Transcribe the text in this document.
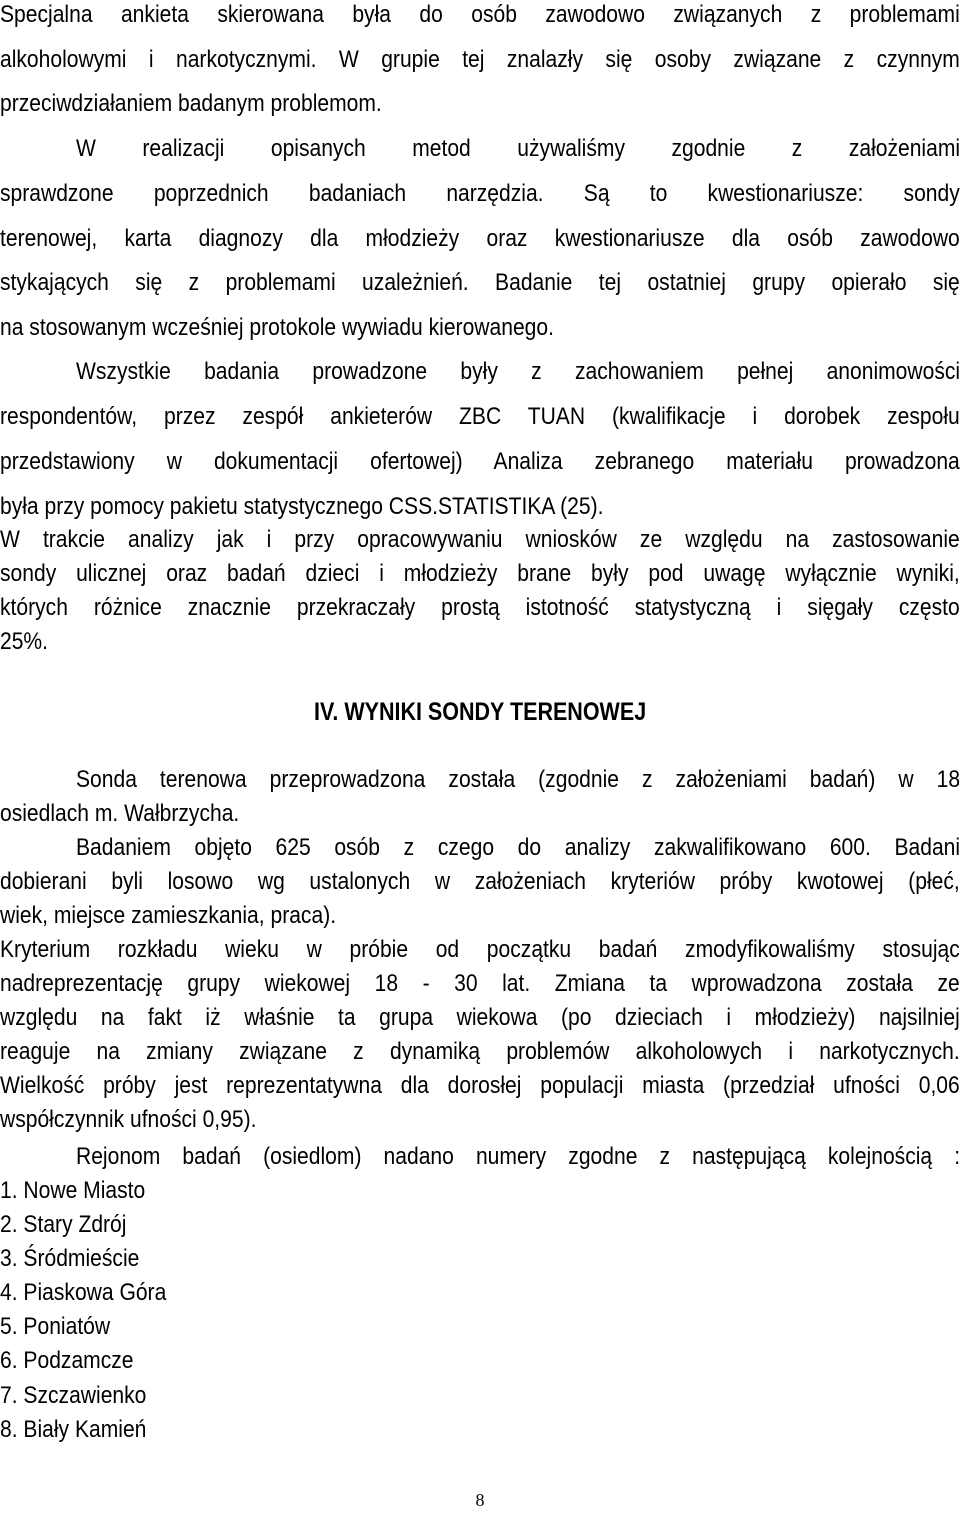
Specjalna ankieta skierowana była do osób zawodowo związanych z problemami

alkoholowymi i narkotycznymi. W grupie tej znalazły się osoby związane z czynnym

przeciwdziałaniem badanym problemom.

W realizacji opisanych metod używaliśmy zgodnie z założeniami

sprawdzone poprzednich badaniach narzędzia. Są to kwestionariusze: sondy

terenowej, karta diagnozy dla młodzieży oraz kwestionariusze dla osób zawodowo

stykających się z problemami uzależnień. Badanie tej ostatniej grupy opierało się

na stosowanym wcześniej protokole wywiadu kierowanego.

Wszystkie badania prowadzone były z zachowaniem pełnej anonimowości

respondentów, przez zespół ankieterów ZBC TUAN (kwalifikacje i dorobek zespołu

przedstawiony w dokumentacji ofertowej) Analiza zebranego materiału prowadzona

była przy pomocy pakietu statystycznego CSS.STATISTIKA (25).

W trakcie analizy jak i przy opracowywaniu wniosków ze względu na zastosowanie

sondy ulicznej oraz badań dzieci i młodzieży brane były pod uwagę wyłącznie wyniki,

których różnice znacznie przekraczały prostą istotność statystyczną i sięgały często

25%.

IV. WYNIKI SONDY TERENOWEJ

Sonda terenowa przeprowadzona została (zgodnie z założeniami badań) w 18

osiedlach m. Wałbrzycha.

Badaniem objęto 625 osób z czego do analizy zakwalifikowano 600. Badani

dobierani byli losowo wg ustalonych w założeniach kryteriów próby kwotowej (płeć,

wiek, miejsce zamieszkania, praca).

Kryterium rozkładu wieku w próbie od początku badań zmodyfikowaliśmy stosując

nadreprezentację grupy wiekowej 18 - 30 lat. Zmiana ta wprowadzona została ze

względu na fakt iż właśnie ta grupa wiekowa (po dzieciach i młodzieży) najsilniej

reaguje na zmiany związane z dynamiką problemów alkoholowych i narkotycznych.

Wielkość próby jest reprezentatywna dla dorosłej populacji miasta (przedział ufności 0,06

współczynnik ufności 0,95).

Rejonom badań (osiedlom) nadano numery zgodne z następującą kolejnością :

1. Nowe Miasto

2. Stary Zdrój

3. Śródmieście

4. Piaskowa Góra

5. Poniatów

6. Podzamcze

7. Szczawienko

8. Biały Kamień

8
